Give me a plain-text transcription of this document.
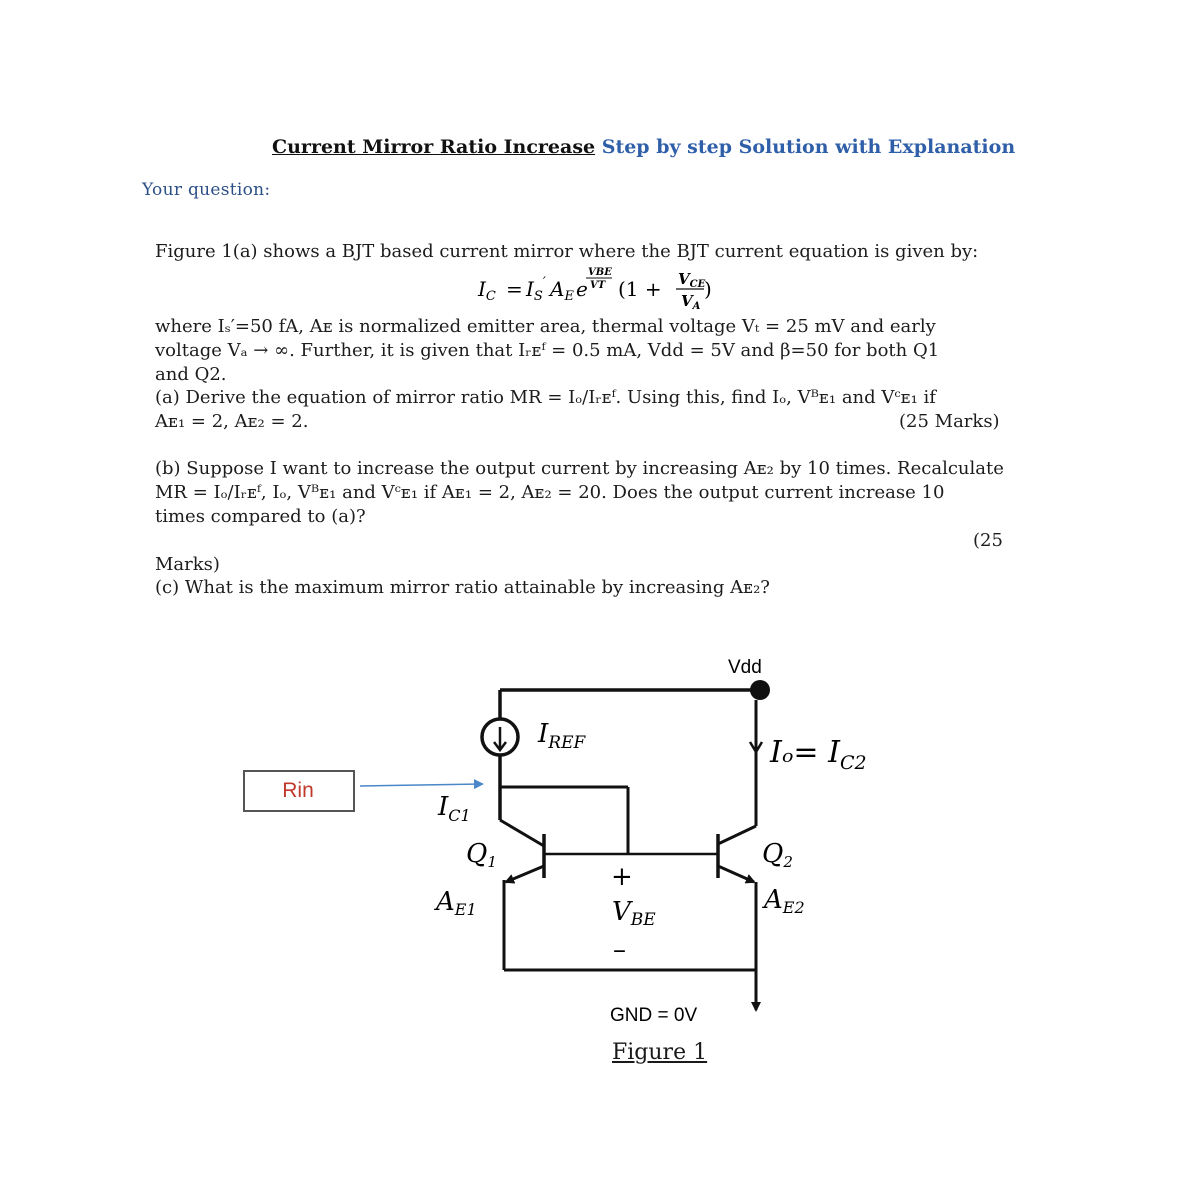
Current Mirror Ratio Increase Step by step Solution with Explanation
Your question:
Figure 1(a) shows a BJT based current mirror where the BJT current equation is given by:
$I_C = I_S'$ $A_E$ e
VBE
VT ($1 + V_{CE}$
$V_A$
)
where Iₛ′=50 fA, Aᴇ is normalized emitter area, thermal voltage Vₜ = 25 mV and early
voltage Vₐ → ∞. Further, it is given that Iᵣᴇᶠ = 0.5 mA, Vdd = 5V and β=50 for both Q1
and Q2.
(a) Derive the equation of mirror ratio MR = Iₒ/Iᵣᴇᶠ. Using this, find Iₒ, Vᴮᴇ₁ and Vᶜᴇ₁ if
Aᴇ₁ = 2, Aᴇ₂ = 2.	(25 Marks)
(b) Suppose I want to increase the output current by increasing Aᴇ₂ by 10 times. Recalculate
MR = Iₒ/Iᵣᴇᶠ, Iₒ, Vᴮᴇ₁ and Vᶜᴇ₁ if Aᴇ₁ = 2, Aᴇ₂ = 20. Does the output current increase 10
times compared to (a)?
(25
Marks)
(c) What is the maximum mirror ratio attainable by increasing Aᴇ₂?
Rin
Vdd
$I_{REF}$	$I_o= I_{C2}$
$I_{C1}$
Q1	Q2
AE1	AE2
+
VBE
–
GND = 0V
Figure 1
